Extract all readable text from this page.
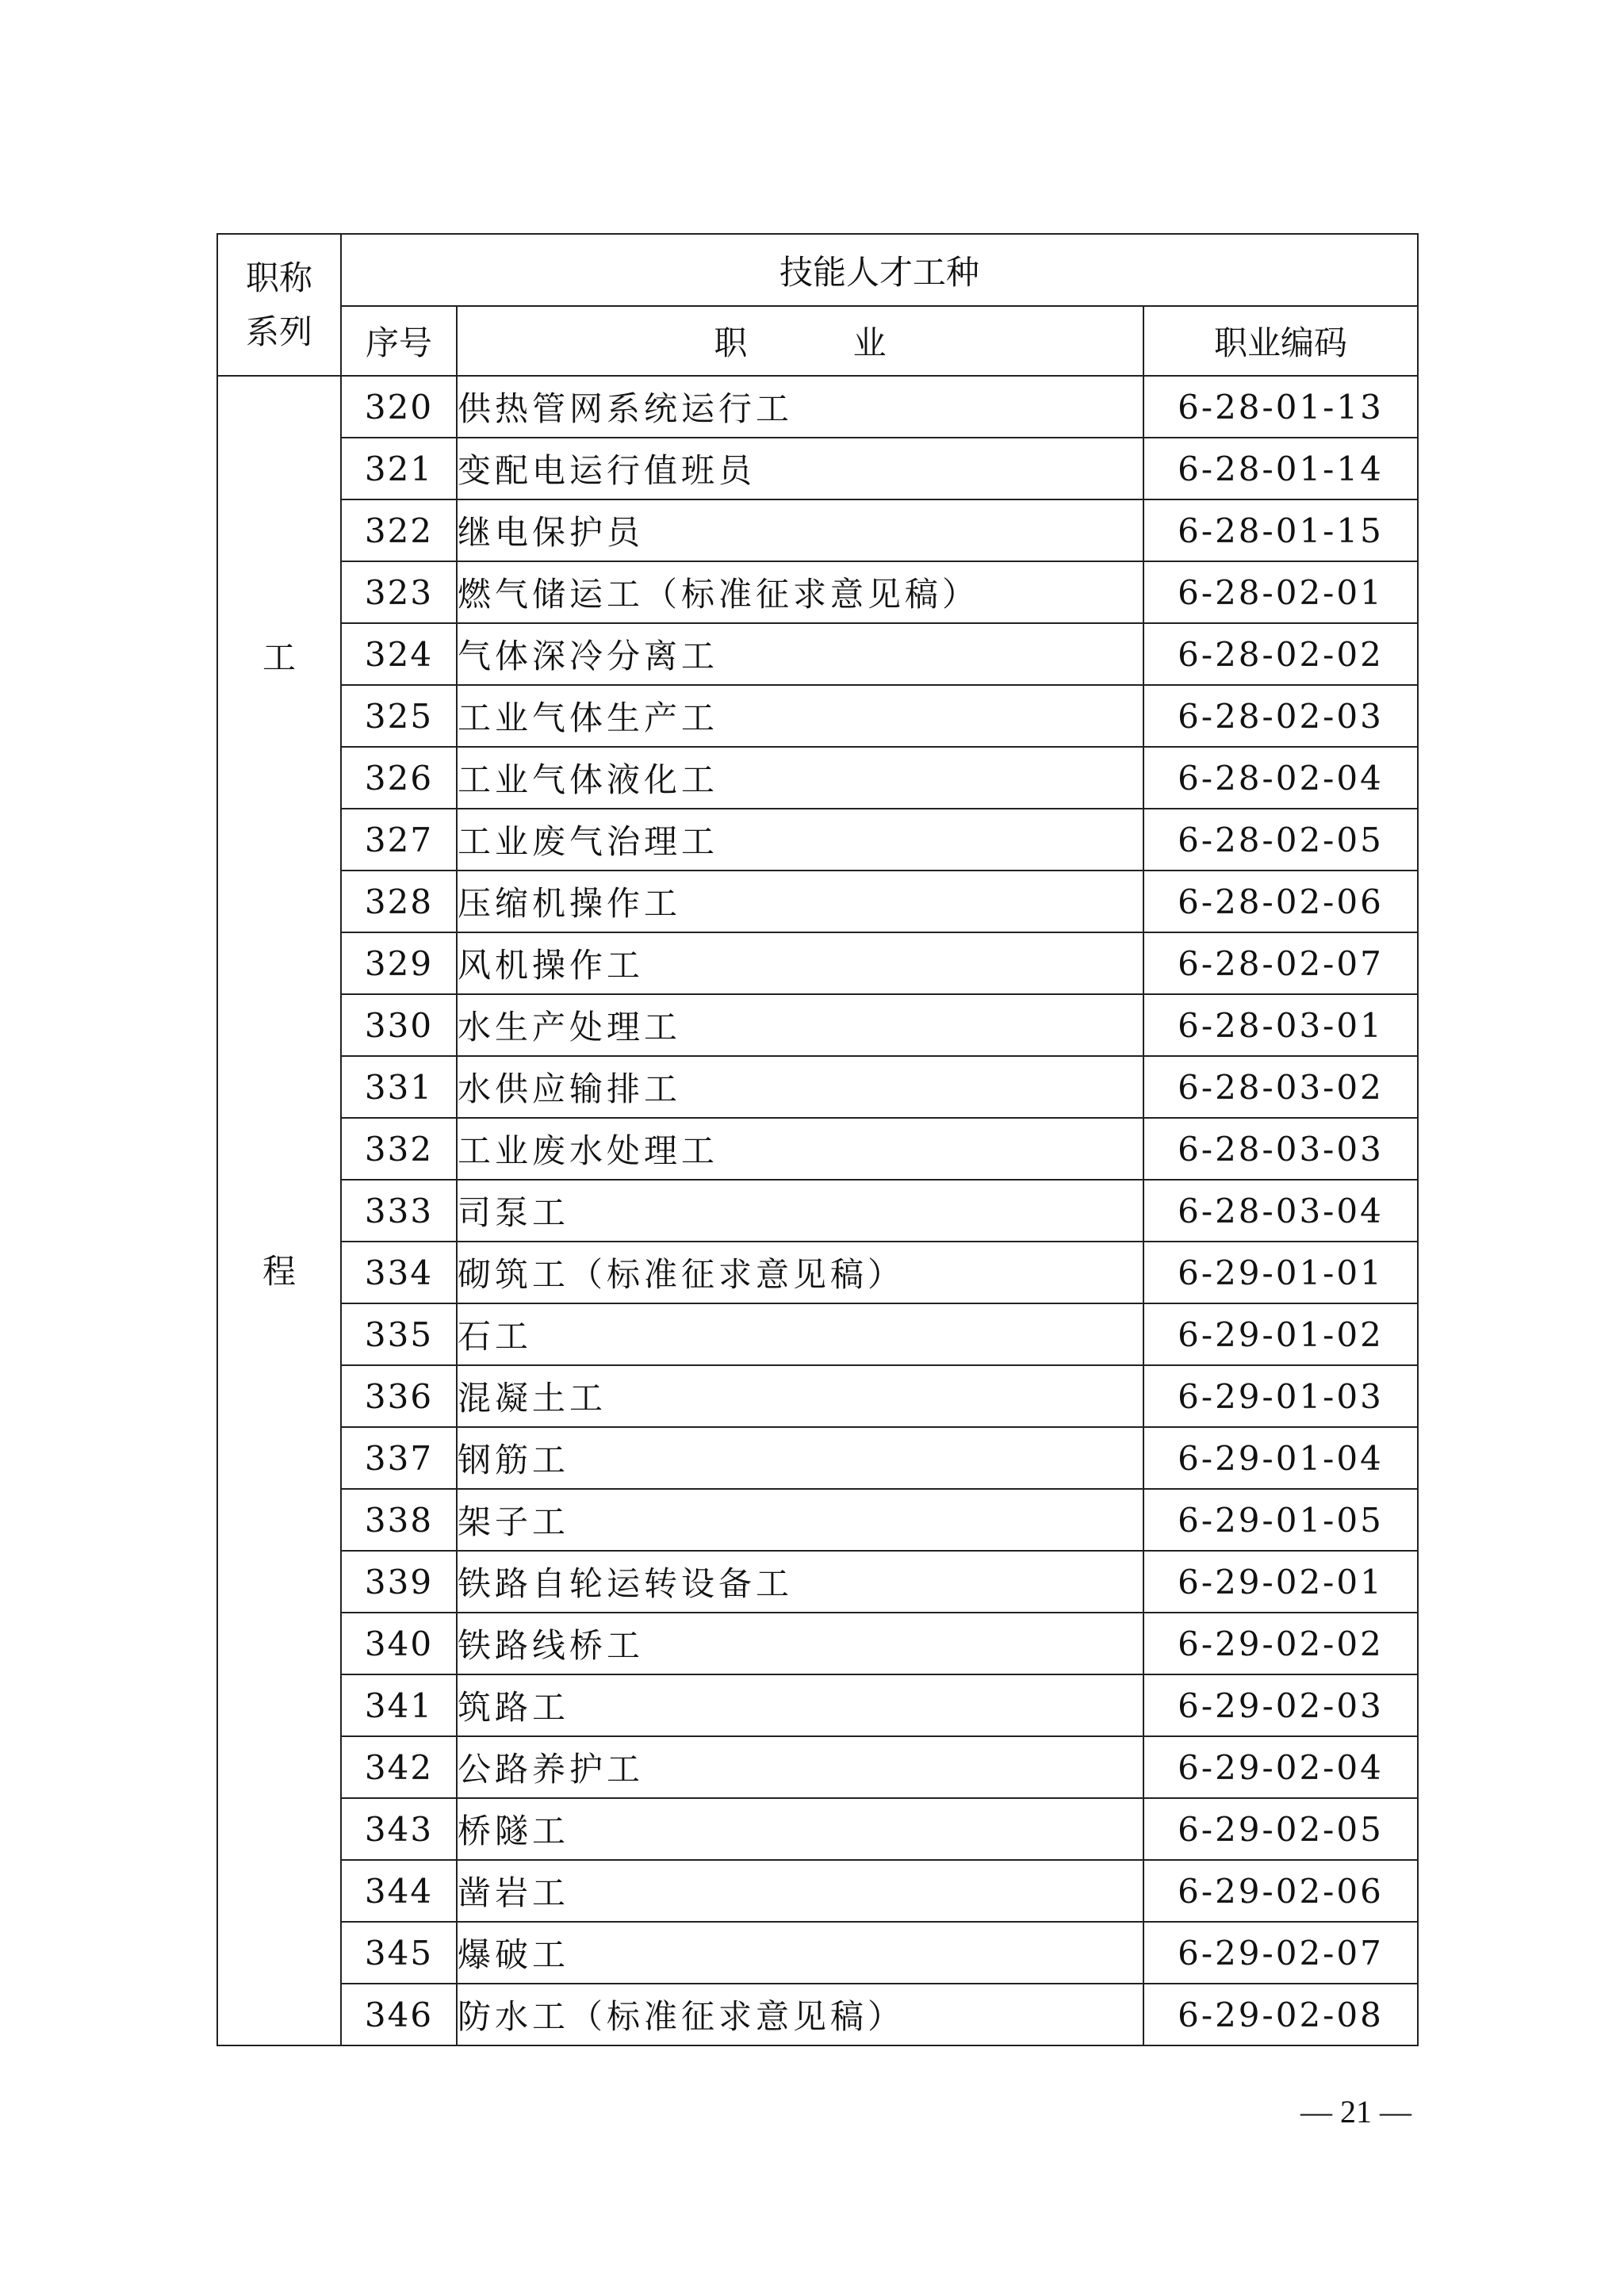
职称
系列	技能人才工种		
	序号	职 业	职业编码

工
程	320	供热管网系统运行工	6-28-01-13
	321	变配电运行值班员	6-28-01-14
	322	继电保护员	6-28-01-15
	323	燃气储运工（标准征求意见稿）	6-28-02-01
	324	气体深冷分离工	6-28-02-02
	325	工业气体生产工	6-28-02-03
	326	工业气体液化工	6-28-02-04
	327	工业废气治理工	6-28-02-05
	328	压缩机操作工	6-28-02-06
	329	风机操作工	6-28-02-07
	330	水生产处理工	6-28-03-01
	331	水供应输排工	6-28-03-02
	332	工业废水处理工	6-28-03-03
	333	司泵工	6-28-03-04
	334	砌筑工（标准征求意见稿）	6-29-01-01
	335	石工	6-29-01-02
	336	混凝土工	6-29-01-03
	337	钢筋工	6-29-01-04
	338	架子工	6-29-01-05
	339	铁路自轮运转设备工	6-29-02-01
	340	铁路线桥工	6-29-02-02
	341	筑路工	6-29-02-03
	342	公路养护工	6-29-02-04
	343	桥隧工	6-29-02-05
	344	凿岩工	6-29-02-06
	345	爆破工	6-29-02-07
	346	防水工（标准征求意见稿）	6-29-02-08
— 21 —
